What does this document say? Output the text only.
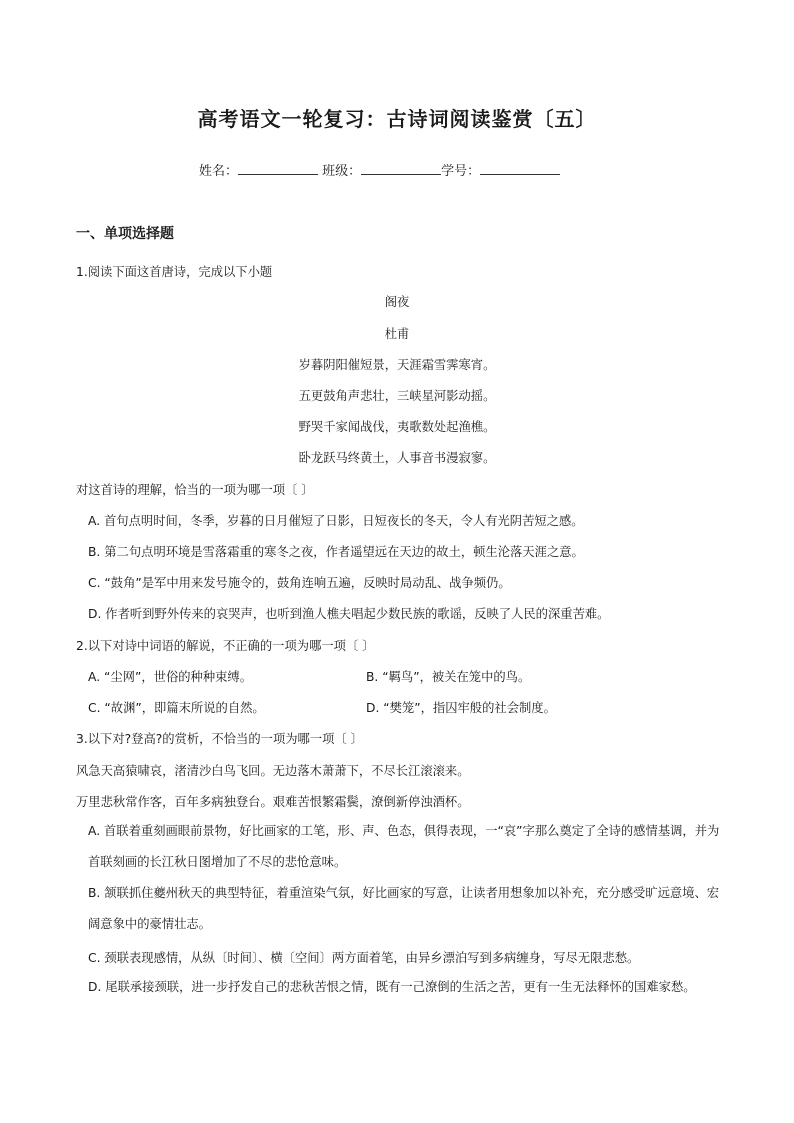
高考语文一轮复习：古诗词阅读鉴赏〔五〕
姓名：	班级：	学号：
一、单项选择题
1.阅读下面这首唐诗，完成以下小题
阁夜
杜甫
岁暮阴阳催短景，天涯霜雪霁寒宵。
五更鼓角声悲壮，三峡星河影动摇。
野哭千家闻战伐，夷歌数处起渔樵。
卧龙跃马终黄土，人事音书漫寂寥。
对这首诗的理解，恰当的一项为哪一项〔 〕
A. 首句点明时间，冬季，岁暮的日月催短了日影，日短夜长的冬天，令人有光阴苦短之感。
B. 第二句点明环境是雪落霜重的寒冬之夜，作者遥望远在天边的故土，顿生沦落天涯之意。
C. “鼓角”是军中用来发号施令的，鼓角连响五遍，反映时局动乱、战争频仍。
D. 作者听到野外传来的哀哭声，也听到渔人樵夫唱起少数民族的歌谣，反映了人民的深重苦难。
2.以下对诗中词语的解说，不正确的一项为哪一项〔 〕
A. “尘网”，世俗的种种束缚。	B. “羁鸟”，被关在笼中的鸟。
C. “故渊”，即篇末所说的自然。	D. “樊笼”，指囚牢般的社会制度。
3.以下对?登高?的赏析，不恰当的一项为哪一项〔 〕
风急天高猿啸哀，渚清沙白鸟飞回。无边落木萧萧下，不尽长江滚滚来。
万里悲秋常作客，百年多病独登台。艰难苦恨繁霜鬓，潦倒新停浊酒杯。
A. 首联着重刻画眼前景物，好比画家的工笔，形、声、色态，俱得表现，一“哀”字那么奠定了全诗的感情基调，并为首联刻画的长江秋日图增加了不尽的悲怆意味。
B. 颔联抓住夔州秋天的典型特征，着重渲染气氛，好比画家的写意，让读者用想象加以补充，充分感受旷远意境、宏阔意象中的豪情壮志。
C. 颈联表现感情，从纵〔时间〕、横〔空间〕两方面着笔，由异乡漂泊写到多病缠身，写尽无限悲愁。
D. 尾联承接颈联，进一步抒发自己的悲秋苦恨之情，既有一己潦倒的生活之苦，更有一生无法释怀的国难家愁。
